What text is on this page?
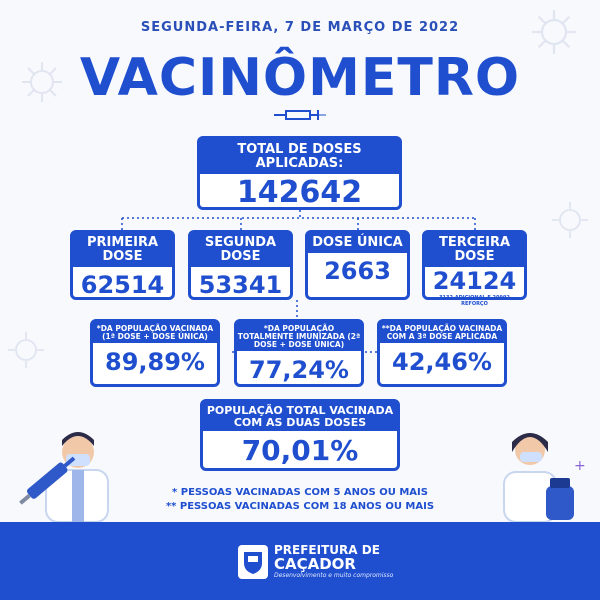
SEGUNDA-FEIRA, 7 DE MARÇO DE 2022
VACINÔMETRO
TOTAL DE DOSES APLICADAS:
142642
PRIMEIRA DOSE
62514
SEGUNDA DOSE
53341
DOSE ÚNICA
2663
TERCEIRA DOSE
24124
3132 ADICIONAL E 20992 REFORÇO
*DA POPULAÇÃO VACINADA (1ª DOSE + DOSE ÚNICA)
89,89%
*DA POPULAÇÃO TOTALMENTE IMUNIZADA (2ª DOSE + DOSE ÚNICA)
77,24%
**DA POPULAÇÃO VACINADA COM A 3ª DOSE APLICADA
42,46%
POPULAÇÃO TOTAL VACINADA COM AS DUAS DOSES
70,01%	+
* PESSOAS VACINADAS COM 5 ANOS OU MAIS
** PESSOAS VACINADAS COM 18 ANOS OU MAIS
PREFEITURA DE
CAÇADOR
Desenvolvimento e muito compromisso
